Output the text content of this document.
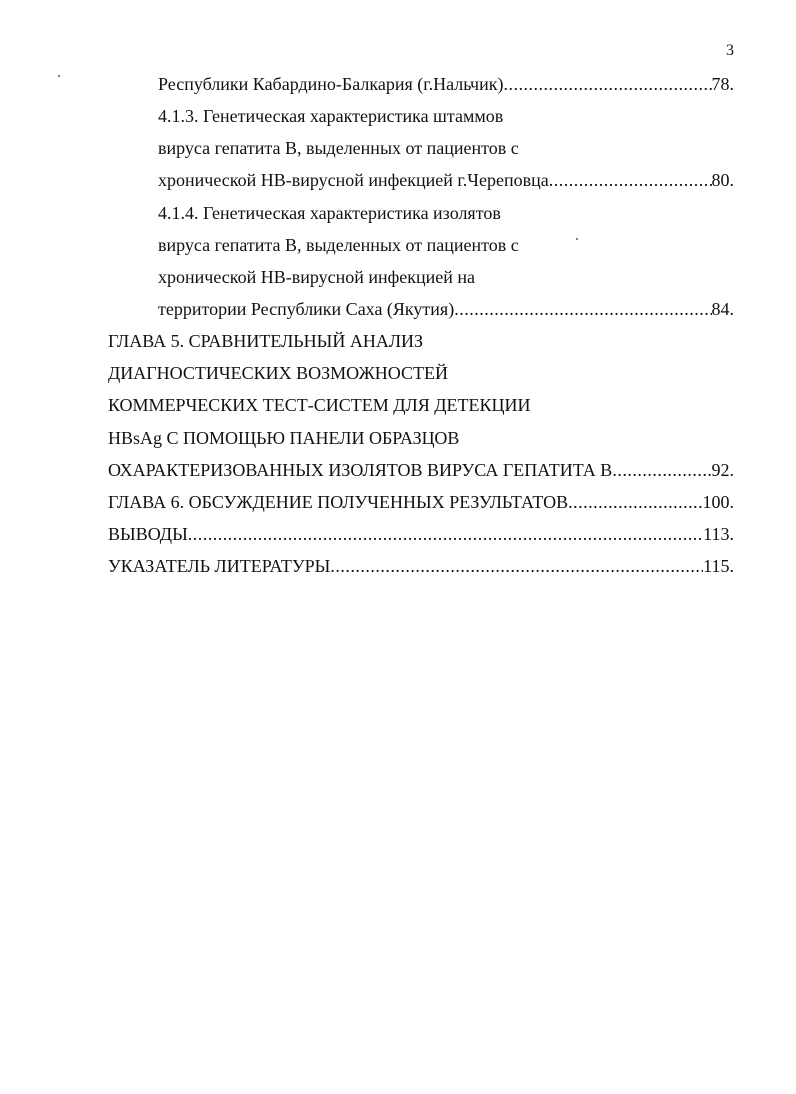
3
Республики Кабардино-Балкария (г.Нальчик) .....	78.
4.1.3. Генетическая характеристика штаммов
вируса гепатита В, выделенных от пациентов с
хронической НВ-вирусной инфекцией г.Череповца .....	80.
4.1.4. Генетическая характеристика изолятов
вируса гепатита В, выделенных от пациентов с
хронической НВ-вирусной инфекцией на
территории Республики Саха (Якутия) .....	84.
ГЛАВА 5. СРАВНИТЕЛЬНЫЙ АНАЛИЗ
ДИАГНОСТИЧЕСКИХ ВОЗМОЖНОСТЕЙ
КОММЕРЧЕСКИХ ТЕСТ-СИСТЕМ ДЛЯ ДЕТЕКЦИИ
HBsAg С ПОМОЩЬЮ ПАНЕЛИ ОБРАЗЦОВ
ОХАРАКТЕРИЗОВАННЫХ ИЗОЛЯТОВ ВИРУСА ГЕПАТИТА В .....	92.
ГЛАВА 6. ОБСУЖДЕНИЕ ПОЛУЧЕННЫХ РЕЗУЛЬТАТОВ .....	100.
ВЫВОДЫ .....	113.
УКАЗАТЕЛЬ ЛИТЕРАТУРЫ .....	115.
